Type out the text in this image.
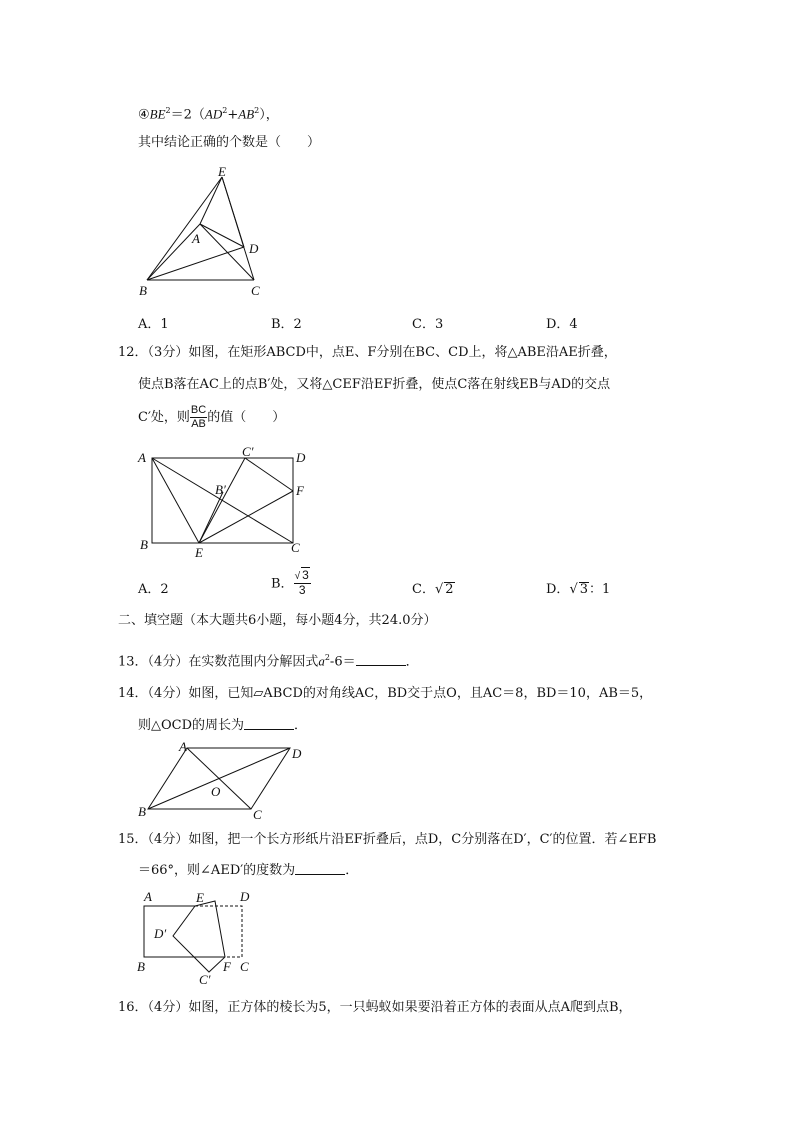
$④BE^2=2(AD^2+AB^2)$，
其中结论正确的个数是（　　）
E
A
D
B	C
A．1	B．2	C．3	D．4
12．（3分）如图，在矩形ABCD中，点E、F分别在BC、CD上，将△ABE沿AE折叠，
使点B落在AC上的点B′处，又将△CEF沿EF折叠，使点C落在射线EB与AD的交点
C′处，则 $\frac{BC}{AB}$ 的值（　　）
A	C′	D
B′	F
B
E	C
A．2	B． $\frac{√ 3}{3}$	C．√ 2	D．√ 3：1
二、填空题（本大题共6小题，每小题4分，共24.0分）
13．（4分）在实数范围内分解因式$a^2-6=$	．
14．（4分）如图，已知▱ABCD的对角线AC，BD交于点O，且AC＝8，BD＝10，AB＝5，
则△OCD的周长为	．
A	D
O
B	C
15．（4分）如图，把一个长方形纸片沿EF折叠后，点D，C分别落在D′，C′的位置．若∠EFB
＝66°，则∠AED′的度数为	．
A	E	D
D′
B	F C
C′
16．（4分）如图，正方体的棱长为5，一只蚂蚁如果要沿着正方体的表面从点A爬到点B，
